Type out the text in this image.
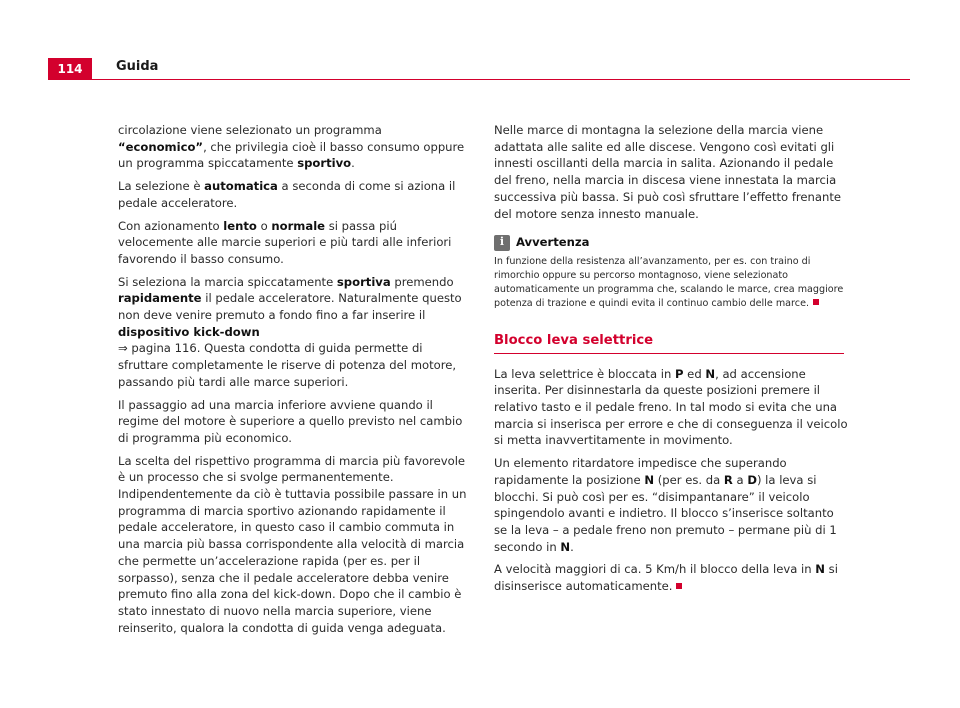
114	Guida

circolazione viene selezionato un programma “economico”, che privilegia cioè il basso consumo oppure un programma spiccatamente sportivo.

La selezione è automatica a seconda di come si aziona il pedale acceleratore.

Con azionamento lento o normale si passa piú velocemente alle marcie superiori e più tardi alle inferiori favorendo il basso consumo.

Si seleziona la marcia spiccatamente sportiva premendo rapidamente il pedale acceleratore. Naturalmente questo non deve venire premuto a fondo fino a far inserire il dispositivo kick-down
⇒ pagina 116. Questa condotta di guida permette di sfruttare completamente le riserve di potenza del motore, passando più tardi alle marce superiori.

Il passaggio ad una marcia inferiore avviene quando il regime del motore è superiore a quello previsto nel cambio di programma più economico.

La scelta del rispettivo programma di marcia più favorevole è un processo che si svolge permanentemente. Indipendentemente da ciò è tuttavia possibile passare in un programma di marcia sportivo azionando rapidamente il pedale acceleratore, in questo caso il cambio commuta in una marcia più bassa corrispondente alla velocità di marcia che permette un’accelerazione rapida (per es. per il sorpasso), senza che il pedale acceleratore debba venire premuto fino alla zona del kick-down. Dopo che il cambio è stato innestato di nuovo nella marcia superiore, viene reinserito, qualora la condotta di guida venga adeguata.

Nelle marce di montagna la selezione della marcia viene adattata alle salite ed alle discese. Vengono così evitati gli innesti oscillanti della marcia in salita. Azionando il pedale del freno, nella marcia in discesa viene innestata la marcia successiva più bassa. Si può così sfruttare l’effetto frenante del motore senza innesto manuale.

i	Avvertenza

In funzione della resistenza all’avanzamento, per es. con traino di rimorchio oppure su percorso montagnoso, viene selezionato automaticamente un programma che, scalando le marce, crea maggiore potenza di trazione e quindi evita il continuo cambio delle marce.

Blocco leva selettrice

La leva selettrice è bloccata in P ed N, ad accensione inserita. Per disinnestarla da queste posizioni premere il relativo tasto e il pedale freno. In tal modo si evita che una marcia si inserisca per errore e che di conseguenza il veicolo si metta inavvertitamente in movimento.

Un elemento ritardatore impedisce che superando rapidamente la posizione N (per es. da R a D) la leva si blocchi. Si può così per es. “disimpantanare” il veicolo spingendolo avanti e indietro. Il blocco s’inserisce soltanto se la leva – a pedale freno non premuto – permane più di 1 secondo in N.

A velocità maggiori di ca. 5 Km/h il blocco della leva in N si disinserisce automaticamente.
